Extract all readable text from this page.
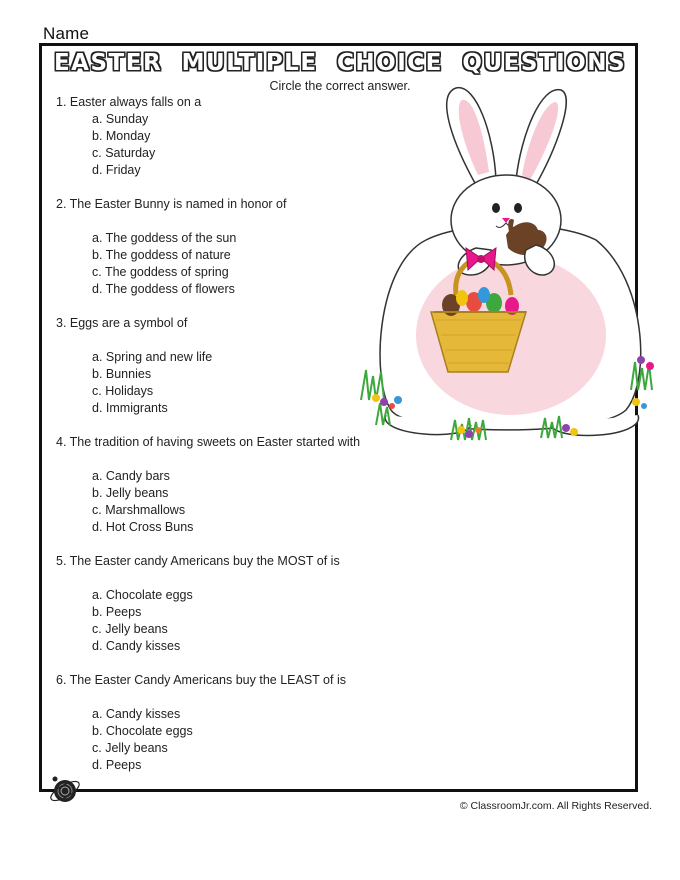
Name
EASTER MULTIPLE CHOICE QUESTIONS
Circle the correct answer.

1. Easter always falls on a

a. Sunday
b. Monday
c. Saturday
d. Friday

2. The Easter Bunny is named in honor of

a. The goddess of the sun
b. The goddess of nature
c. The goddess of spring
d. The goddess of flowers

3. Eggs are a symbol of

a. Spring and new life
b. Bunnies
c. Holidays
d. Immigrants

4. The tradition of having sweets on Easter started with

a. Candy bars
b. Jelly beans
c. Marshmallows
d. Hot Cross Buns

5. The Easter candy Americans buy the MOST of is

a. Chocolate eggs
b. Peeps
c. Jelly beans
d. Candy kisses

6. The Easter Candy Americans buy the LEAST of is

a. Candy kisses
b. Chocolate eggs
c. Jelly beans
d. Peeps
© ClassroomJr.com. All Rights Reserved.
